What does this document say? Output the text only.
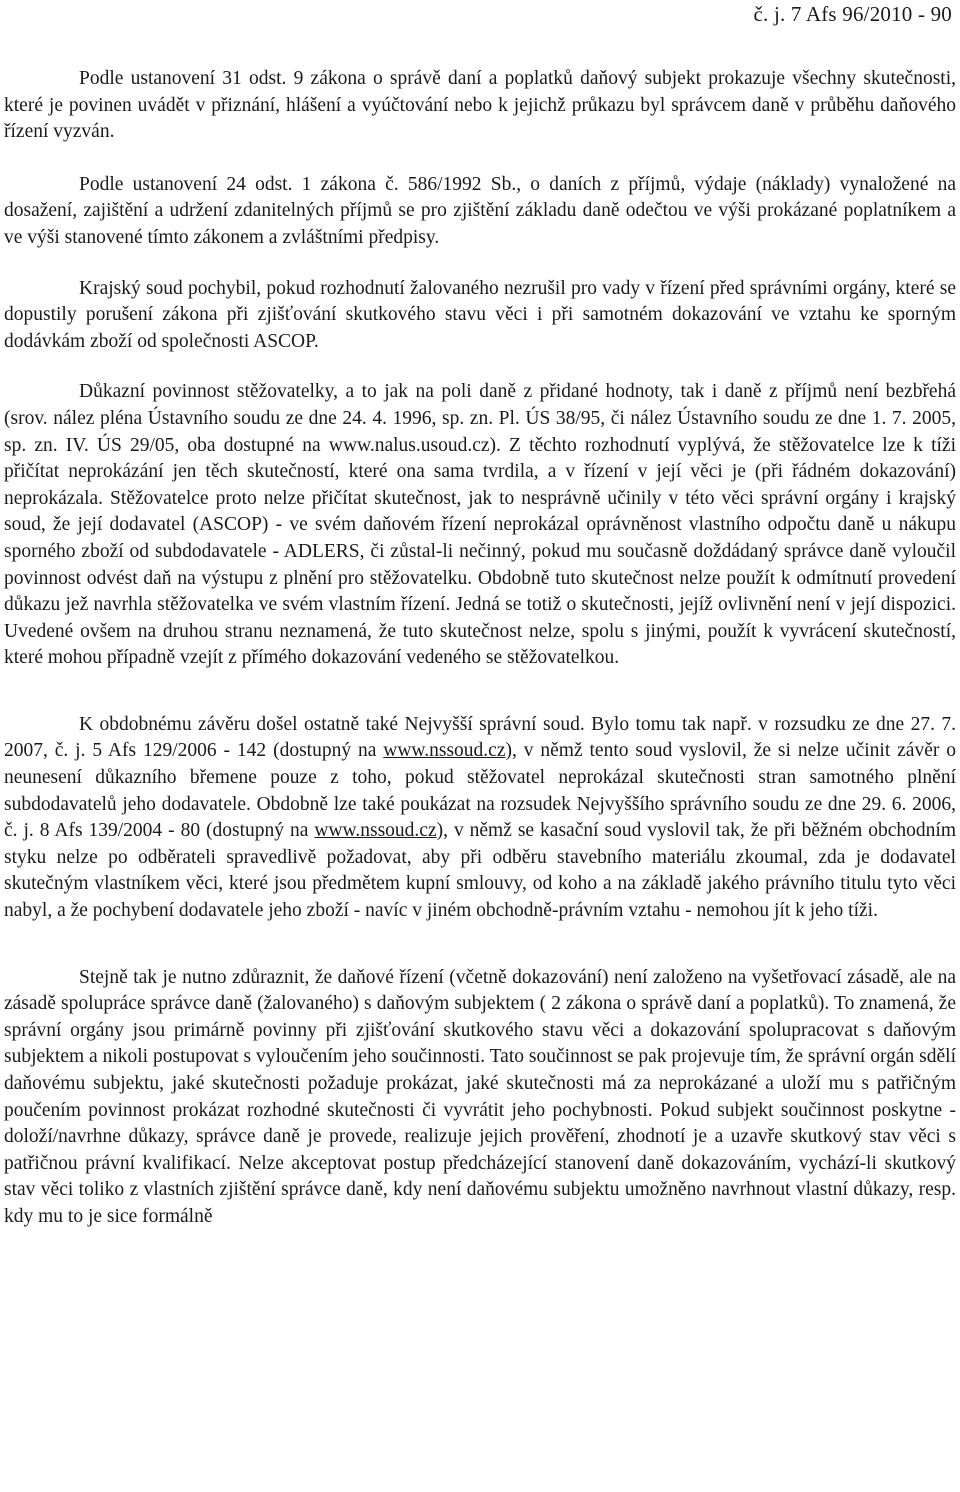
č. j. 7 Afs 96/2010 - 90

Podle ustanovení 31 odst. 9 zákona o správě daní a poplatků daňový subjekt prokazuje všechny skutečnosti, které je povinen uvádět v přiznání, hlášení a vyúčtování nebo k jejichž průkazu byl správcem daně v průběhu daňového řízení vyzván.

Podle ustanovení 24 odst. 1 zákona č. 586/1992 Sb., o daních z příjmů, výdaje (náklady) vynaložené na dosažení, zajištění a udržení zdanitelných příjmů se pro zjištění základu daně odečtou ve výši prokázané poplatníkem a ve výši stanovené tímto zákonem a zvláštními předpisy.

Krajský soud pochybil, pokud rozhodnutí žalovaného nezrušil pro vady v řízení před správními orgány, které se dopustily porušení zákona při zjišťování skutkového stavu věci i při samotném dokazování ve vztahu ke sporným dodávkám zboží od společnosti ASCOP.

Důkazní povinnost stěžovatelky, a to jak na poli daně z přidané hodnoty, tak i daně z příjmů není bezbřehá (srov. nález pléna Ústavního soudu ze dne 24. 4. 1996, sp. zn. Pl. ÚS 38/95, či nález Ústavního soudu ze dne 1. 7. 2005, sp. zn. IV. ÚS 29/05, oba dostupné na www.nalus.usoud.cz). Z těchto rozhodnutí vyplývá, že stěžovatelce lze k tíži přičítat neprokázání jen těch skutečností, které ona sama tvrdila, a v řízení v její věci je (při řádném dokazování) neprokázala. Stěžovatelce proto nelze přičítat skutečnost, jak to nesprávně učinily v této věci správní orgány i krajský soud, že její dodavatel (ASCOP) - ve svém daňovém řízení neprokázal oprávněnost vlastního odpočtu daně u nákupu sporného zboží od subdodavatele - ADLERS, či zůstal-li nečinný, pokud mu současně doždádaný správce daně vyloučil povinnost odvést daň na výstupu z plnění pro stěžovatelku. Obdobně tuto skutečnost nelze použít k odmítnutí provedení důkazu jež navrhla stěžovatelka ve svém vlastním řízení. Jedná se totiž o skutečnosti, jejíž ovlivnění není v její dispozici. Uvedené ovšem na druhou stranu neznamená, že tuto skutečnost nelze, spolu s jinými, použít k vyvrácení skutečností, které mohou případně vzejít z přímého dokazování vedeného se stěžovatelkou.

K obdobnému závěru došel ostatně také Nejvyšší správní soud. Bylo tomu tak např. v rozsudku ze dne 27. 7. 2007, č. j. 5 Afs 129/2006 - 142 (dostupný na www.nssoud.cz), v němž tento soud vyslovil, že si nelze učinit závěr o neunesení důkazního břemene pouze z toho, pokud stěžovatel neprokázal skutečnosti stran samotného plnění subdodavatelů jeho dodavatele. Obdobně lze také poukázat na rozsudek Nejvyššího správního soudu ze dne 29. 6. 2006, č. j. 8 Afs 139/2004 - 80 (dostupný na www.nssoud.cz), v němž se kasační soud vyslovil tak, že při běžném obchodním styku nelze po odběrateli spravedlivě požadovat, aby při odběru stavebního materiálu zkoumal, zda je dodavatel skutečným vlastníkem věci, které jsou předmětem kupní smlouvy, od koho a na základě jakého právního titulu tyto věci nabyl, a že pochybení dodavatele jeho zboží - navíc v jiném obchodně-právním vztahu - nemohou jít k jeho tíži.

Stejně tak je nutno zdůraznit, že daňové řízení (včetně dokazování) není založeno na vyšetřovací zásadě, ale na zásadě spolupráce správce daně (žalovaného) s daňovým subjektem ( 2 zákona o správě daní a poplatků). To znamená, že správní orgány jsou primárně povinny při zjišťování skutkového stavu věci a dokazování spolupracovat s daňovým subjektem a nikoli postupovat s vyloučením jeho součinnosti. Tato součinnost se pak projevuje tím, že správní orgán sdělí daňovému subjektu, jaké skutečnosti požaduje prokázat, jaké skutečnosti má za neprokázané a uloží mu s patřičným poučením povinnost prokázat rozhodné skutečnosti či vyvrátit jeho pochybnosti. Pokud subjekt součinnost poskytne - doloží/navrhne důkazy, správce daně je provede, realizuje jejich prověření, zhodnotí je a uzavře skutkový stav věci s patřičnou právní kvalifikací. Nelze akceptovat postup předcházející stanovení daně dokazováním, vychází-li skutkový stav věci toliko z vlastních zjištění správce daně, kdy není daňovému subjektu umožněno navrhnout vlastní důkazy, resp. kdy mu to je sice formálně
